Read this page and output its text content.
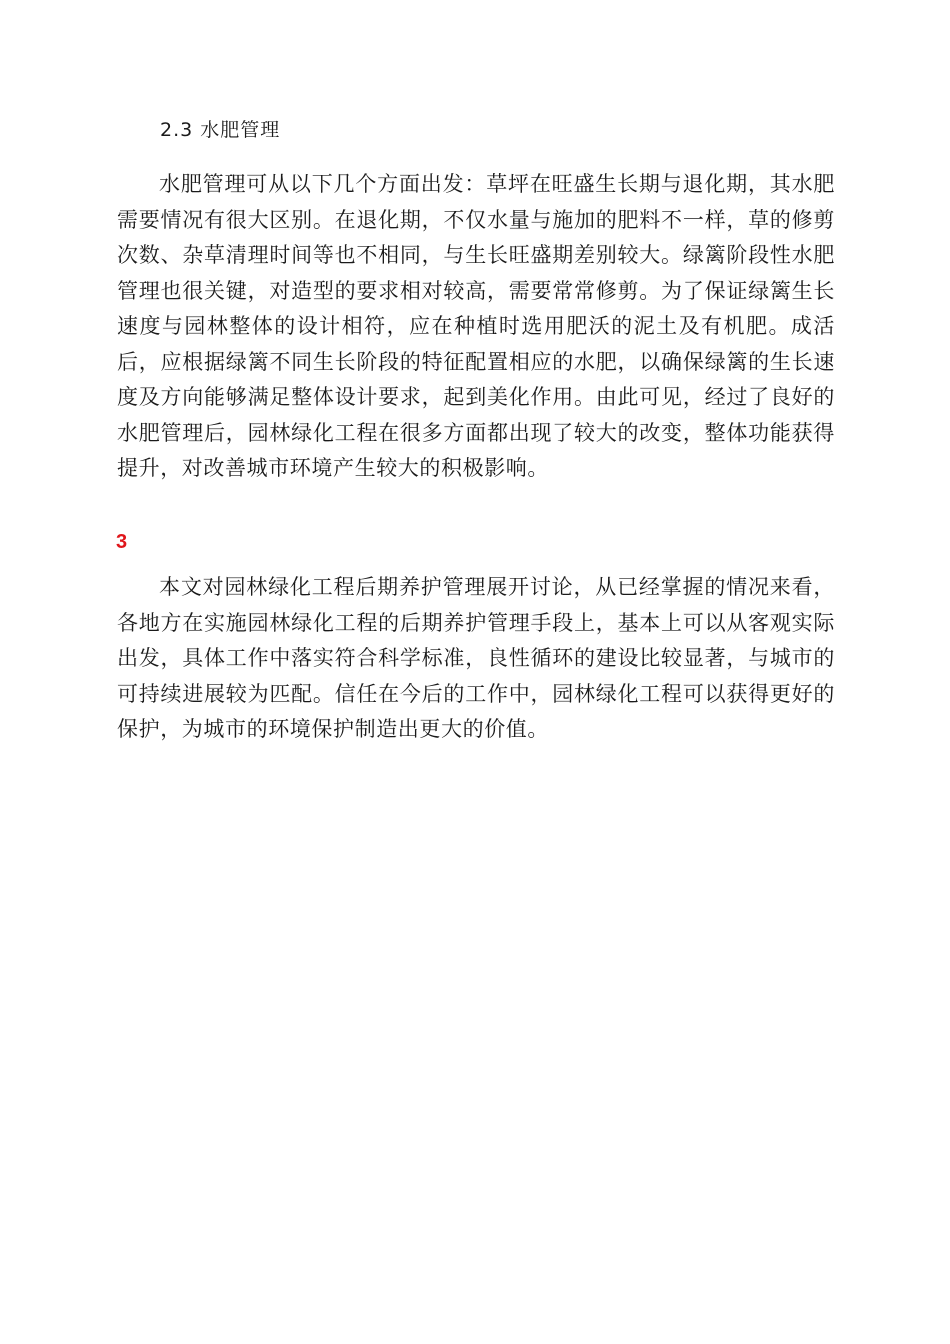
2.3 水肥管理

水肥管理可从以下几个方面出发：草坪在旺盛生长期与退化期，其水肥需要情况有很大区别。在退化期，不仅水量与施加的肥料不一样，草的修剪次数、杂草清理时间等也不相同，与生长旺盛期差别较大。绿篱阶段性水肥管理也很关键，对造型的要求相对较高，需要常常修剪。为了保证绿篱生长速度与园林整体的设计相符，应在种植时选用肥沃的泥土及有机肥。成活后，应根据绿篱不同生长阶段的特征配置相应的水肥，以确保绿篱的生长速度及方向能够满足整体设计要求，起到美化作用。由此可见，经过了良好的水肥管理后，园林绿化工程在很多方面都出现了较大的改变，整体功能获得提升，对改善城市环境产生较大的积极影响。

3

本文对园林绿化工程后期养护管理展开讨论，从已经掌握的情况来看，各地方在实施园林绿化工程的后期养护管理手段上，基本上可以从客观实际出发，具体工作中落实符合科学标准，良性循环的建设比较显著，与城市的可持续进展较为匹配。信任在今后的工作中，园林绿化工程可以获得更好的保护，为城市的环境保护制造出更大的价值。
